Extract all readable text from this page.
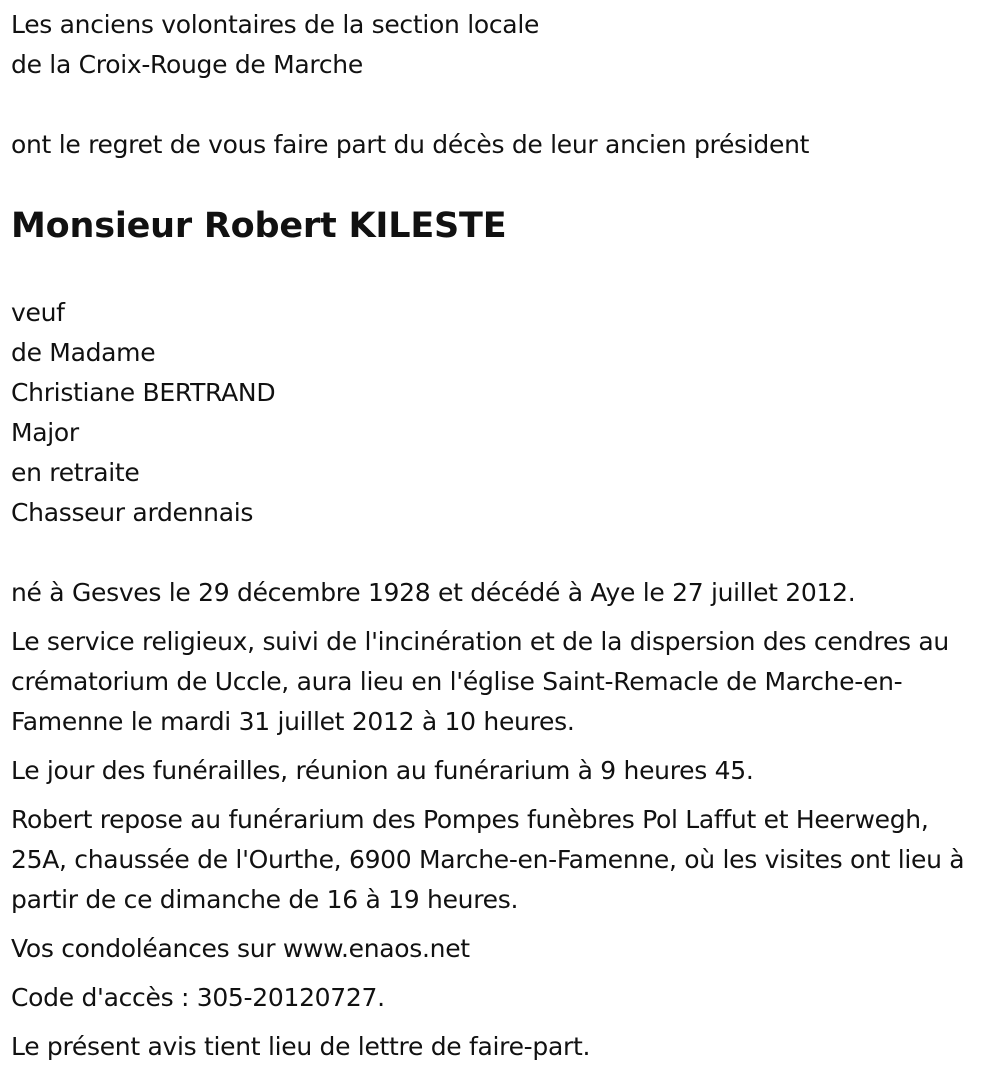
Les anciens volontaires de la section locale

de la Croix-Rouge de Marche

ont le regret de vous faire part du décès de leur ancien président

Monsieur Robert KILESTE

veuf

de Madame

Christiane BERTRAND

Major

en retraite

Chasseur ardennais

né à Gesves le 29 décembre 1928 et décédé à Aye le 27 juillet 2012.

Le service religieux, suivi de l'incinération et de la dispersion des cendres au crématorium de Uccle, aura lieu en l'église Saint-Remacle de Marche-en-Famenne le mardi 31 juillet 2012 à 10 heures.

Le jour des funérailles, réunion au funérarium à 9 heures 45.

Robert repose au funérarium des Pompes funèbres Pol Laffut et Heerwegh, 25A, chaussée de l'Ourthe, 6900 Marche-en-Famenne, où les visites ont lieu à partir de ce dimanche de 16 à 19 heures.

Vos condoléances sur www.enaos.net

Code d'accès : 305-20120727.

Le présent avis tient lieu de lettre de faire-part.
